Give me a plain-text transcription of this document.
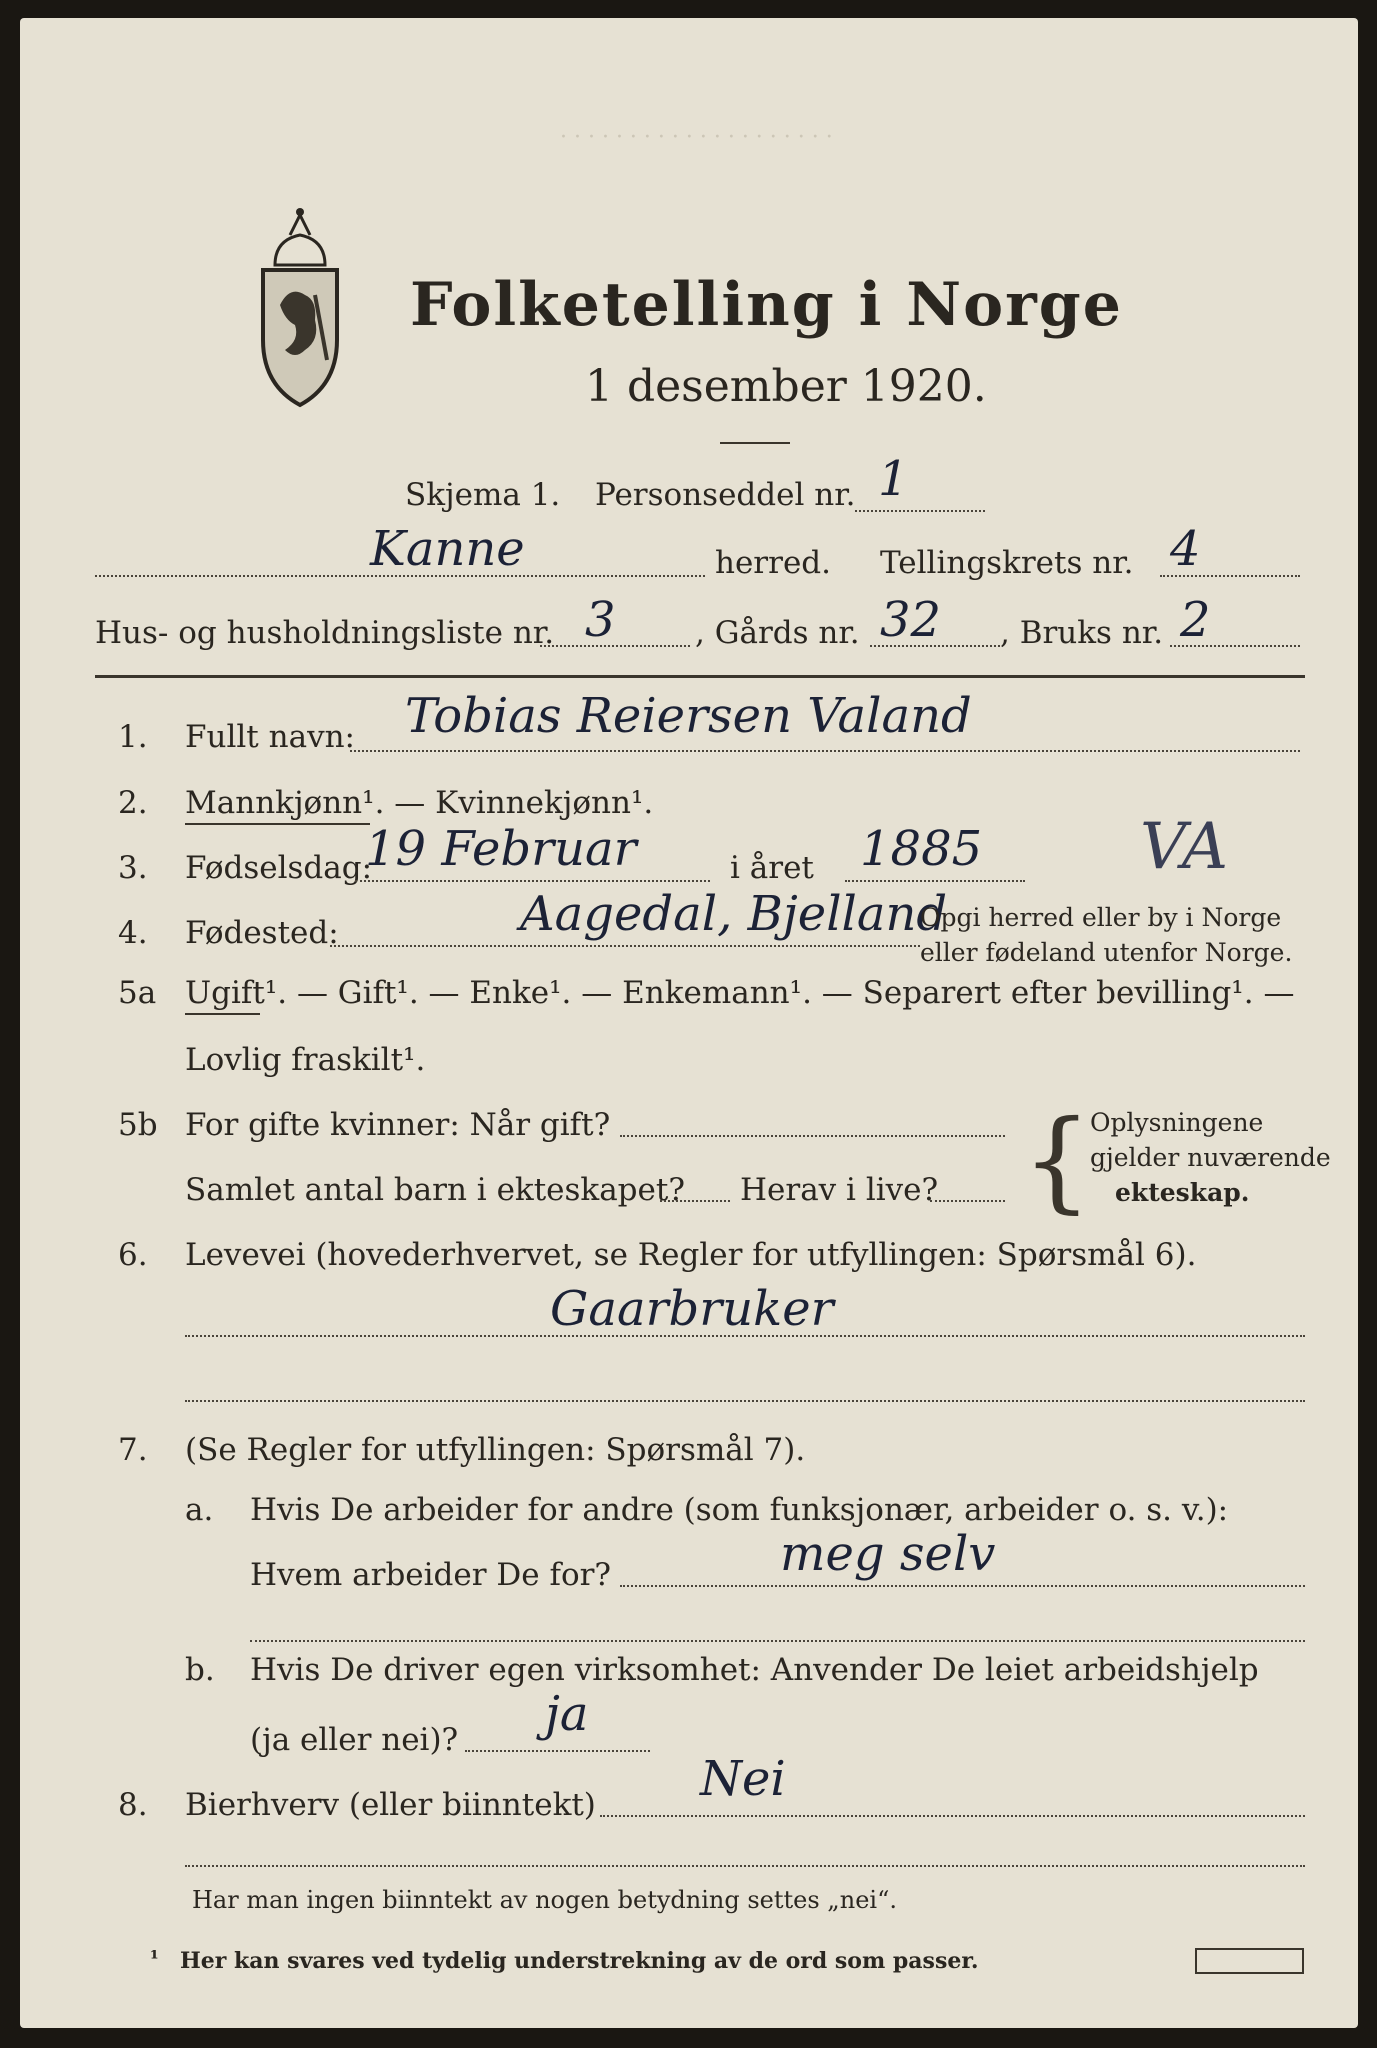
· · · · · · · · · · · · · · · · · · · ·
Folketelling i Norge
1 desember 1920.
Skjema 1. Personseddel nr. 1
Kanne	herred. Tellingskrets nr. 4
Hus- og husholdningsliste nr. 3	, Gårds nr. 32 , Bruks nr. 2
1. Fullt navn: Tobias Reiersen Valand
2. Mannkjønn¹. — Kvinnekjønn¹.
3. Fødselsdag:
19 Februar	i året 1885 VA
4. Fødested:	Aagedal, Bjelland
Opgi herred eller by i Norge
eller fødeland utenfor Norge.
5a Ugift¹. — Gift¹. — Enke¹. — Enkemann¹. — Separert efter bevilling¹. —
Lovlig fraskilt¹.
5b For gifte kvinner: Når gift?
Samlet antal barn i ekteskapet? Herav i live? {
Oplysningene
gjelder nuværende
ekteskap.
6. Levevei (hovederhvervet, se Regler for utfyllingen: Spørsmål 6).
Gaarbruker
7. (Se Regler for utfyllingen: Spørsmål 7).
a. Hvis De arbeider for andre (som funksjonær, arbeider o. s. v.):
Hvem arbeider De for?	meg selv
b. Hvis De driver egen virksomhet: Anvender De leiet arbeidshjelp
(ja eller nei)? ja
8. Bierhverv (eller biinntekt) Nei
Har man ingen biinntekt av nogen betydning settes „nei“.
¹ Her kan svares ved tydelig understrekning av de ord som passer.
